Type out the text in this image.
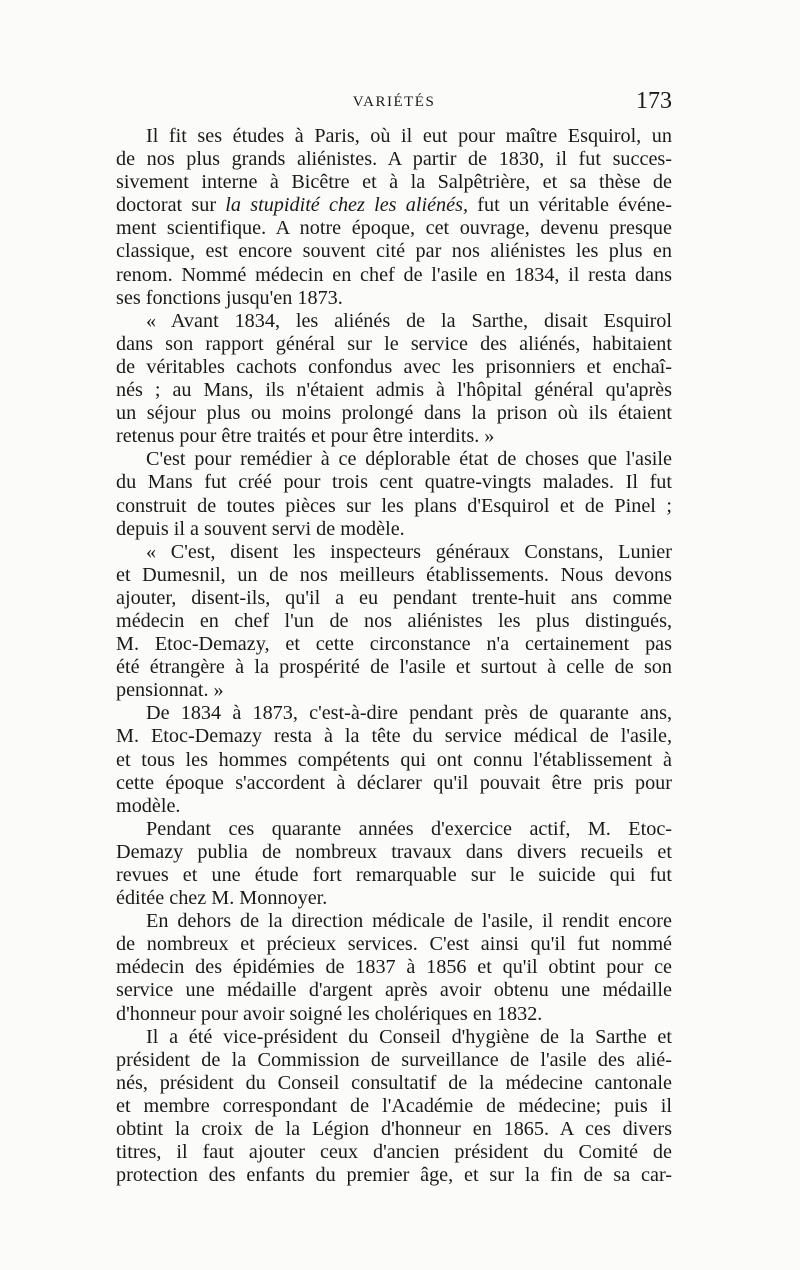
VARIÉTÉS	173
Il fit ses études à Paris, où il eut pour maître Esquirol, un
de nos plus grands aliénistes. A partir de 1830, il fut succes-
sivement interne à Bicêtre et à la Salpêtrière, et sa thèse de
doctorat sur la stupidité chez les aliénés, fut un véritable événe-
ment scientifique. A notre époque, cet ouvrage, devenu presque
classique, est encore souvent cité par nos aliénistes les plus en
renom. Nommé médecin en chef de l'asile en 1834, il resta dans
ses fonctions jusqu'en 1873.
« Avant 1834, les aliénés de la Sarthe, disait Esquirol
dans son rapport général sur le service des aliénés, habitaient
de véritables cachots confondus avec les prisonniers et enchaî-
nés ; au Mans, ils n'étaient admis à l'hôpital général qu'après
un séjour plus ou moins prolongé dans la prison où ils étaient
retenus pour être traités et pour être interdits. »
C'est pour remédier à ce déplorable état de choses que l'asile
du Mans fut créé pour trois cent quatre-vingts malades. Il fut
construit de toutes pièces sur les plans d'Esquirol et de Pinel ;
depuis il a souvent servi de modèle.
« C'est, disent les inspecteurs généraux Constans, Lunier
et Dumesnil, un de nos meilleurs établissements. Nous devons
ajouter, disent-ils, qu'il a eu pendant trente-huit ans comme
médecin en chef l'un de nos aliénistes les plus distingués,
M. Etoc-Demazy, et cette circonstance n'a certainement pas
été étrangère à la prospérité de l'asile et surtout à celle de son
pensionnat. »
De 1834 à 1873, c'est-à-dire pendant près de quarante ans,
M. Etoc-Demazy resta à la tête du service médical de l'asile,
et tous les hommes compétents qui ont connu l'établissement à
cette époque s'accordent à déclarer qu'il pouvait être pris pour
modèle.
Pendant ces quarante années d'exercice actif, M. Etoc-
Demazy publia de nombreux travaux dans divers recueils et
revues et une étude fort remarquable sur le suicide qui fut
éditée chez M. Monnoyer.
En dehors de la direction médicale de l'asile, il rendit encore
de nombreux et précieux services. C'est ainsi qu'il fut nommé
médecin des épidémies de 1837 à 1856 et qu'il obtint pour ce
service une médaille d'argent après avoir obtenu une médaille
d'honneur pour avoir soigné les cholériques en 1832.
Il a été vice-président du Conseil d'hygiène de la Sarthe et
président de la Commission de surveillance de l'asile des alié-
nés, président du Conseil consultatif de la médecine cantonale
et membre correspondant de l'Académie de médecine; puis il
obtint la croix de la Légion d'honneur en 1865. A ces divers
titres, il faut ajouter ceux d'ancien président du Comité de
protection des enfants du premier âge, et sur la fin de sa car-
